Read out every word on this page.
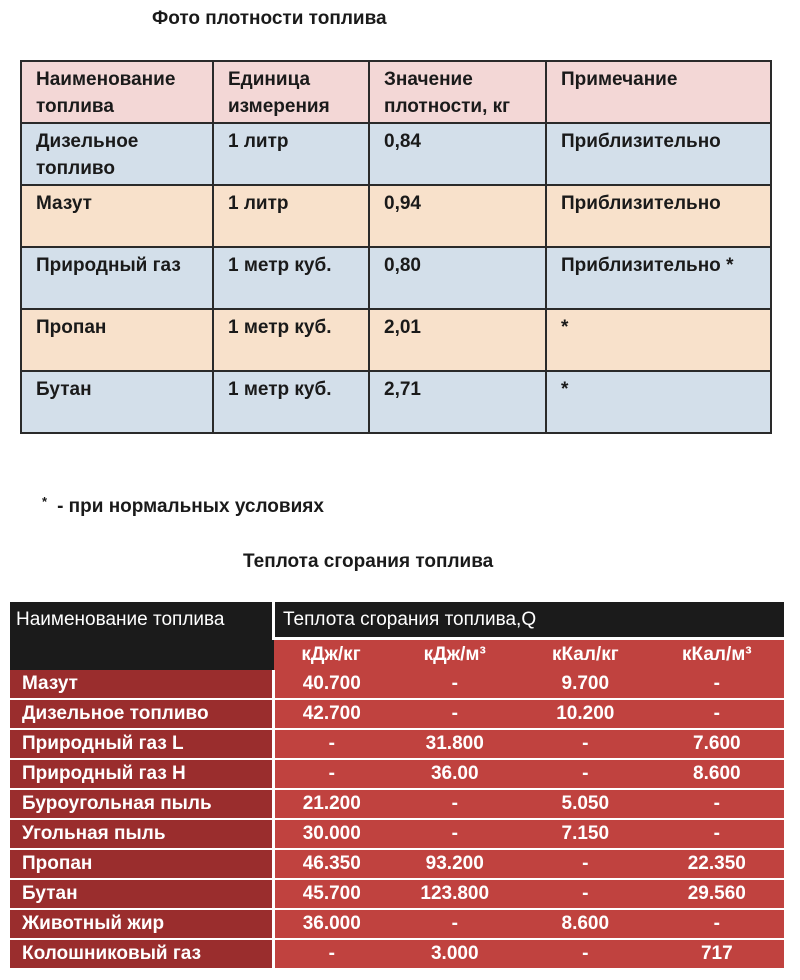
Фото плотности топлива
Наименование топлива	Единица измерения	Значение плотности, кг	Примечание
Дизельное топливо	1 литр	0,84	Приблизительно
Мазут	1 литр	0,94	Приблизительно
Природный газ	1 метр куб.	0,80	Приблизительно *
Пропан	1 метр куб.	2,01	*
Бутан	1 метр куб.	2,71	*
* - при нормальных условиях
Теплота сгорания топлива
Наименование топлива	Теплота сгорания топлива,Q			
	кДж/кг	кДж/м³	кКал/кг	кКал/м³
Мазут	40.700	-	9.700	-
Дизельное топливо	42.700	-	10.200	-
Природный газ L	-	31.800	-	7.600
Природный газ H	-	36.00	-	8.600
Буроугольная пыль	21.200	-	5.050	-
Угольная пыль	30.000	-	7.150	-
Пропан	46.350	93.200	-	22.350
Бутан	45.700	123.800	-	29.560
Животный жир	36.000	-	8.600	-
Колошниковый газ	-	3.000	-	717
